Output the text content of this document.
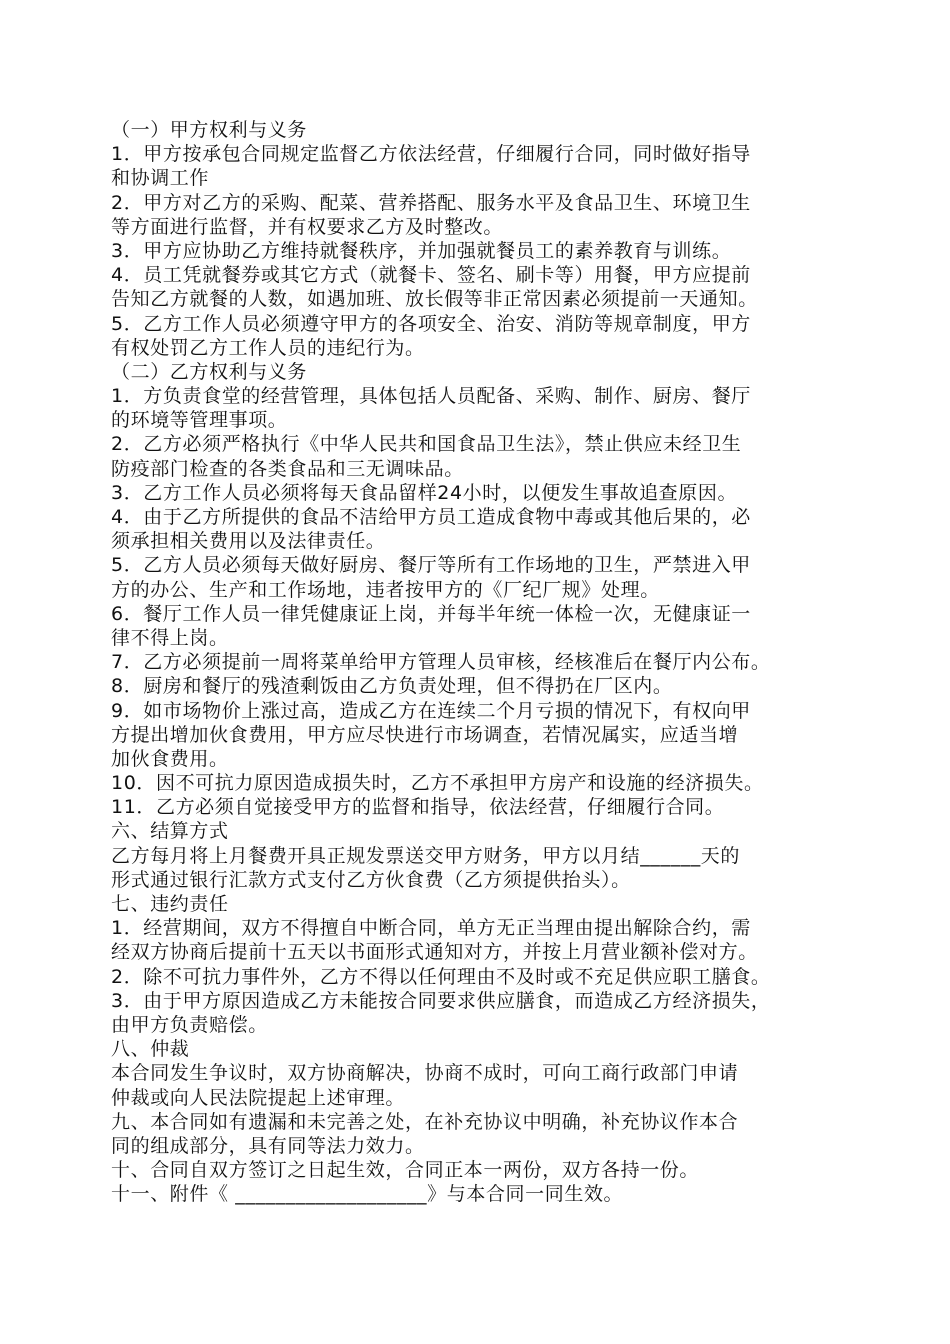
（一）甲方权利与义务
1．甲方按承包合同规定监督乙方依法经营，仔细履行合同，同时做好指导
和协调工作
2．甲方对乙方的采购、配菜、营养搭配、服务水平及食品卫生、环境卫生
等方面进行监督，并有权要求乙方及时整改。
3．甲方应协助乙方维持就餐秩序，并加强就餐员工的素养教育与训练。
4．员工凭就餐券或其它方式（就餐卡、签名、刷卡等）用餐，甲方应提前
告知乙方就餐的人数，如遇加班、放长假等非正常因素必须提前一天通知。
5．乙方工作人员必须遵守甲方的各项安全、治安、消防等规章制度，甲方
有权处罚乙方工作人员的违纪行为。
（二）乙方权利与义务
1．方负责食堂的经营管理，具体包括人员配备、采购、制作、厨房、餐厅
的环境等管理事项。
2．乙方必须严格执行《中华人民共和国食品卫生法》，禁止供应未经卫生
防疫部门检查的各类食品和三无调味品。
3．乙方工作人员必须将每天食品留样24小时，以便发生事故追查原因。
4．由于乙方所提供的食品不洁给甲方员工造成食物中毒或其他后果的，必
须承担相关费用以及法律责任。
5．乙方人员必须每天做好厨房、餐厅等所有工作场地的卫生，严禁进入甲
方的办公、生产和工作场地，违者按甲方的《厂纪厂规》处理。
6．餐厅工作人员一律凭健康证上岗，并每半年统一体检一次，无健康证一
律不得上岗。
7．乙方必须提前一周将菜单给甲方管理人员审核，经核准后在餐厅内公布。
8．厨房和餐厅的残渣剩饭由乙方负责处理，但不得扔在厂区内。
9．如市场物价上涨过高，造成乙方在连续二个月亏损的情况下，有权向甲
方提出增加伙食费用，甲方应尽快进行市场调查，若情况属实，应适当增
加伙食费用。
10．因不可抗力原因造成损失时，乙方不承担甲方房产和设施的经济损失。
11．乙方必须自觉接受甲方的监督和指导，依法经营，仔细履行合同。
六、结算方式
乙方每月将上月餐费开具正规发票送交甲方财务，甲方以月结______天的
形式通过银行汇款方式支付乙方伙食费（乙方须提供抬头）。
七、违约责任
1．经营期间，双方不得擅自中断合同，单方无正当理由提出解除合约，需
经双方协商后提前十五天以书面形式通知对方，并按上月营业额补偿对方。
2．除不可抗力事件外，乙方不得以任何理由不及时或不充足供应职工膳食。
3．由于甲方原因造成乙方未能按合同要求供应膳食，而造成乙方经济损失，
由甲方负责赔偿。
八、仲裁
本合同发生争议时，双方协商解决，协商不成时，可向工商行政部门申请
仲裁或向人民法院提起上述审理。
九、本合同如有遗漏和未完善之处，在补充协议中明确，补充协议作本合
同的组成部分，具有同等法力效力。
十、合同自双方签订之日起生效，合同正本一两份，双方各持一份。
十一、附件《 ___________________》与本合同一同生效。
